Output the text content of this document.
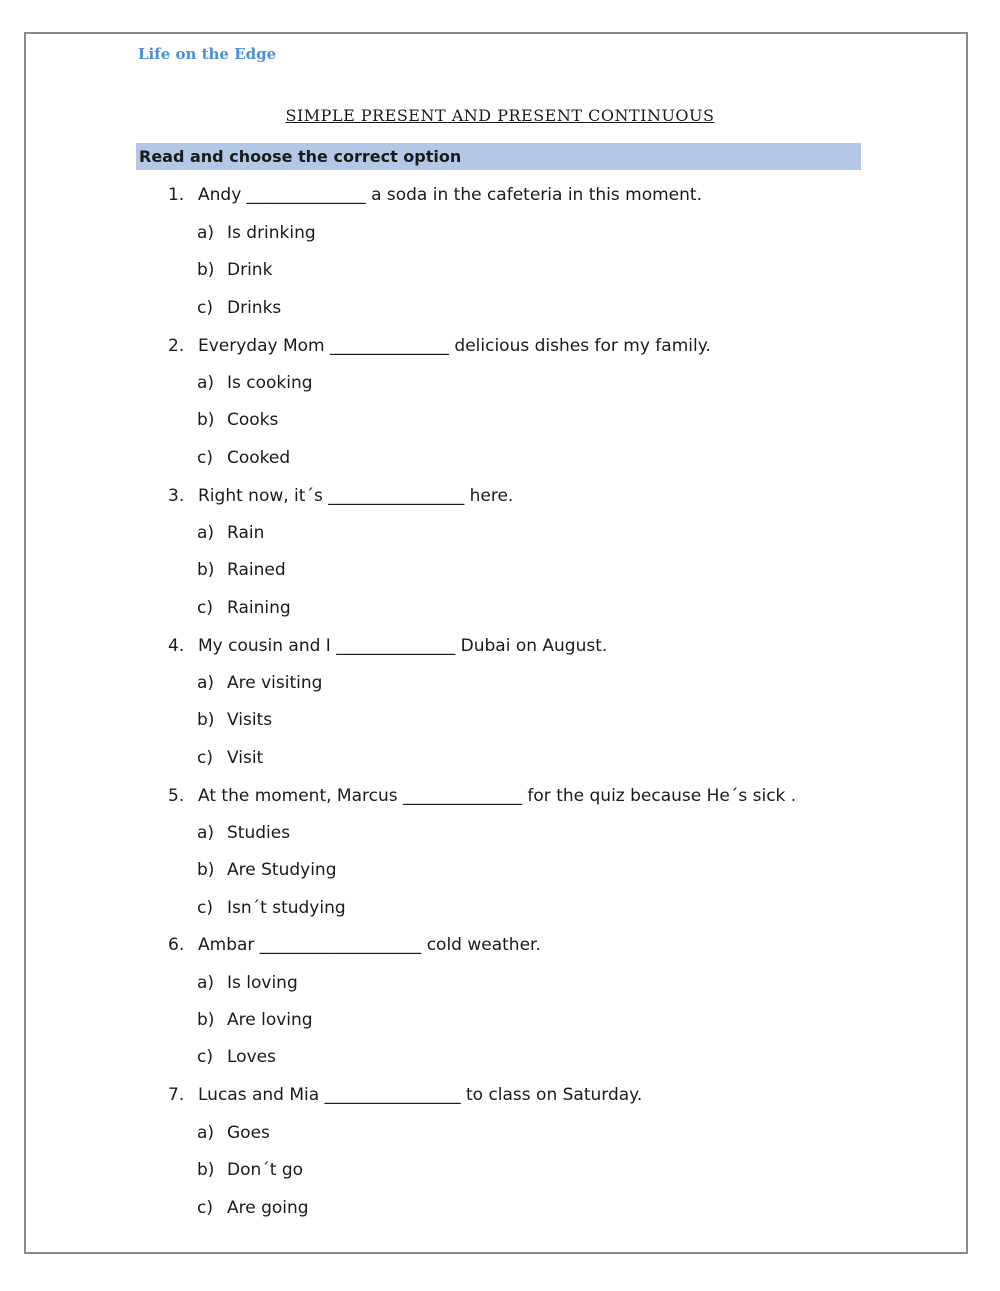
Life on the Edge
SIMPLE PRESENT AND PRESENT CONTINUOUS
Read and choose the correct option
1. Andy ______________ a soda in the cafeteria in this moment.
a) Is drinking
b) Drink
c) Drinks
2. Everyday Mom ______________ delicious dishes for my family.
a) Is cooking
b) Cooks
c) Cooked
3. Right now, it´s ________________ here.
a) Rain
b) Rained
c) Raining
4. My cousin and I ______________ Dubai on August.
a) Are visiting
b) Visits
c) Visit
5. At the moment, Marcus ______________ for the quiz because He´s sick .
a) Studies
b) Are Studying
c) Isn´t studying
6. Ambar ___________________ cold weather.
a) Is loving
b) Are loving
c) Loves
7. Lucas and Mia ________________ to class on Saturday.
a) Goes
b) Don´t go
c) Are going
